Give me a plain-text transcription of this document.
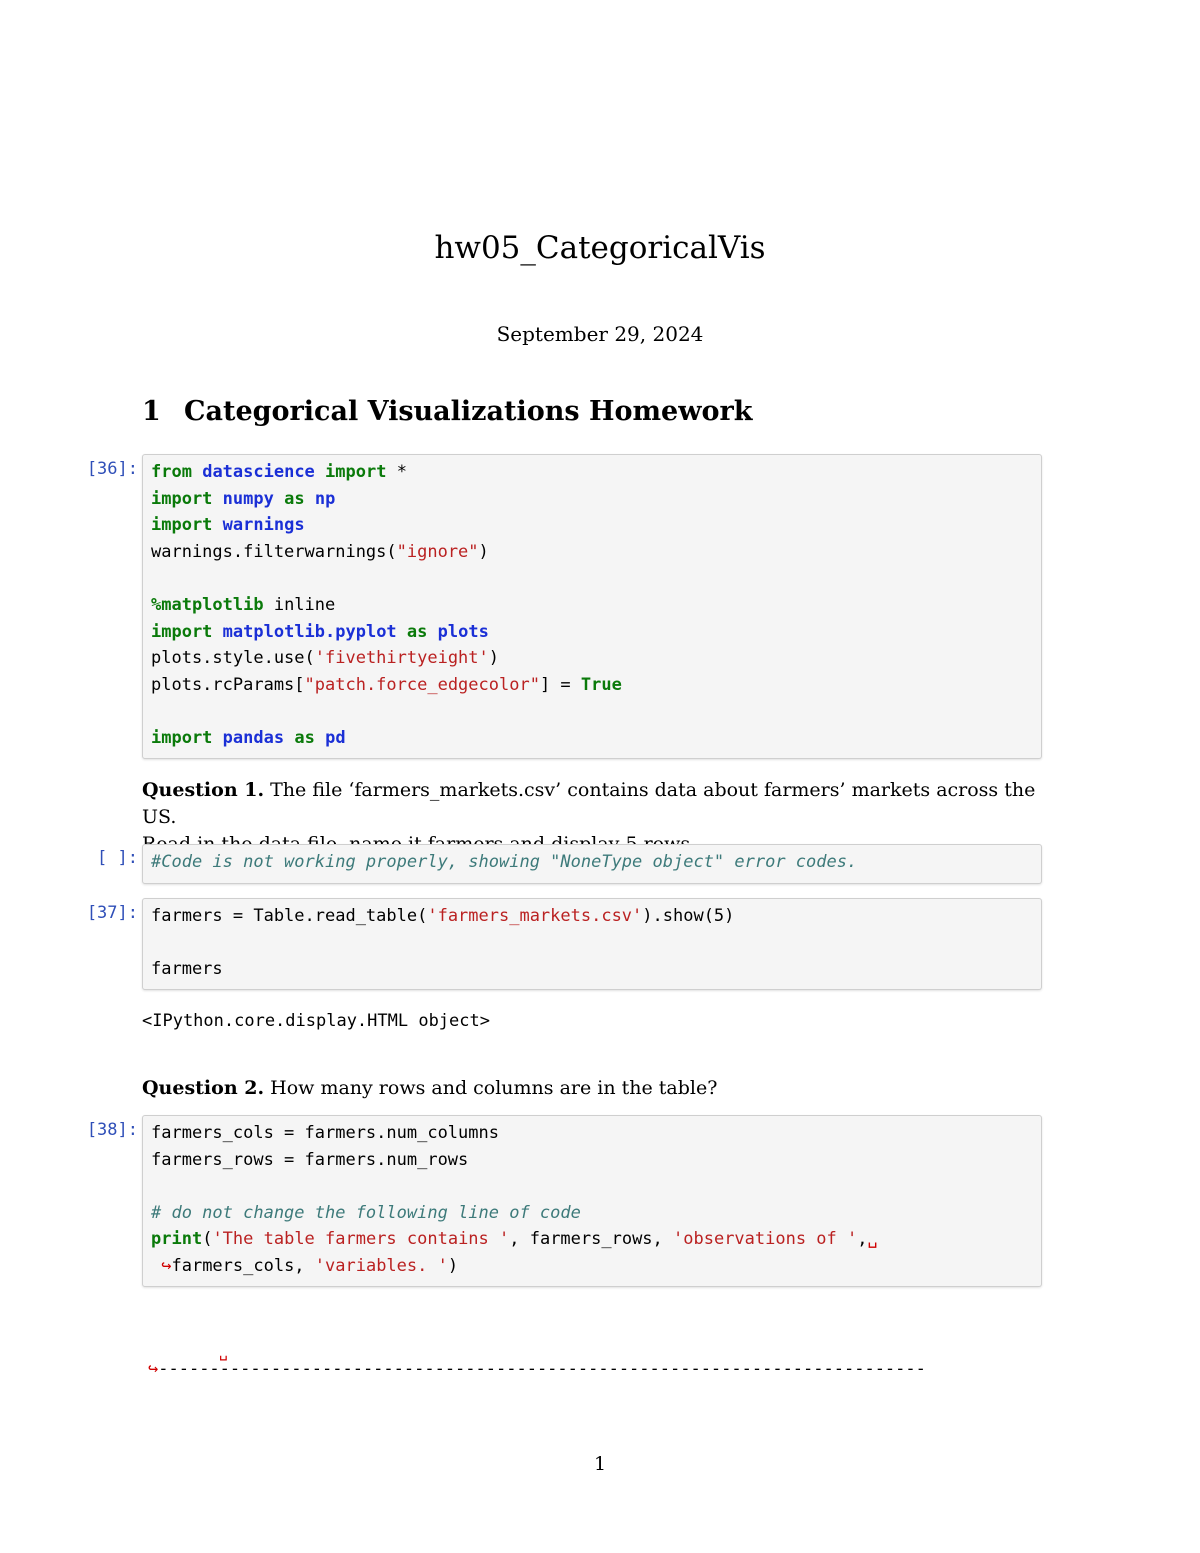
hw05_CategoricalVis
September 29, 2024
1 Categorical Visualizations Homework
[36]: from datascience import *
import numpy as np
import warnings
warnings.filterwarnings("ignore")

%matplotlib inline
import matplotlib.pyplot as plots
plots.style.use('fivethirtyeight')
plots.rcParams["patch.force_edgecolor"] = True

import pandas as pd
Question 1. The file ‘farmers_markets.csv’ contains data about farmers’ markets across the US.

[ ]: #Code is not working properly, showing "NoneType object" error codes.
[37]: farmers = Table.read_table('farmers_markets.csv').show(5)

farmers
<IPython.core.display.HTML object>
Question 2. How many rows and columns are in the table?
[38]: farmers_cols = farmers.num_columns
farmers_rows = farmers.num_rows

# do not change the following line of code
print('The table farmers contains ', farmers_rows, 'observations of ',␣
↪farmers_cols, 'variables. ')
␣
↪---------------------------------------------------------------------------
1
